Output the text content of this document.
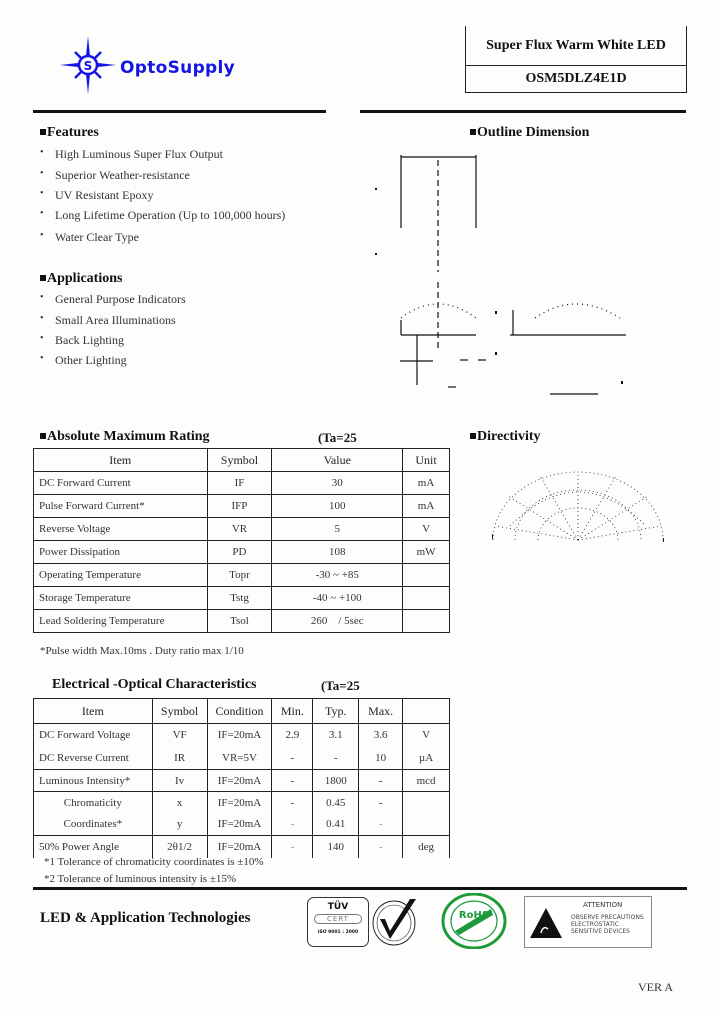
S OptoSupply
Super Flux Warm White LED
OSM5DLZ4E1D
Features
• High Luminous Super Flux Output
• Superior Weather-resistance
• UV Resistant Epoxy
• Long Lifetime Operation (Up to 100,000 hours)
• Water Clear Type
Applications
• General Purpose Indicators
• Small Area Illuminations
• Back Lighting
• Other Lighting
Outline Dimension
Absolute Maximum Rating	(Ta=25
Item	Symbol	Value	Unit
DC Forward Current	IF	30	mA
Pulse Forward Current*	IFP	100	mA
Reverse Voltage	VR	5	V
Power Dissipation	PD	108	mW
Operating Temperature	Topr	-30 ~ +85	
Storage Temperature	Tstg	-40 ~ +100	
Lead Soldering Temperature	Tsol	260    / 5sec	
*Pulse width Max.10ms . Duty ratio max 1/10
Directivity
Electrical -Optical Characteristics	(Ta=25
Item	Symbol	Condition	Min.	Typ.	Max.	
DC Forward Voltage	VF	IF=20mA	2.9	3.1	3.6	V
DC Reverse Current	IR	VR=5V	-	-	10	µA
Luminous Intensity*	Iv	IF=20mA	-	1800	-	mcd
Chromaticity	x	IF=20mA	-	0.45	-	
Coordinates*	y	IF=20mA	-	0.41	-	
50% Power Angle	2θ1/2	IF=20mA	-	140	-	deg
*1 Tolerance of chromaticity coordinates is ±10%
*2 Tolerance of luminous intensity is ±15%
LED & Application Technologies
TÜV
CERT
ISO 9001 : 2000
RoHS
ATTENTION
OBSERVE PRECAUTIONS
ELECTROSTATIC
SENSITIVE DEVICES
VER A
